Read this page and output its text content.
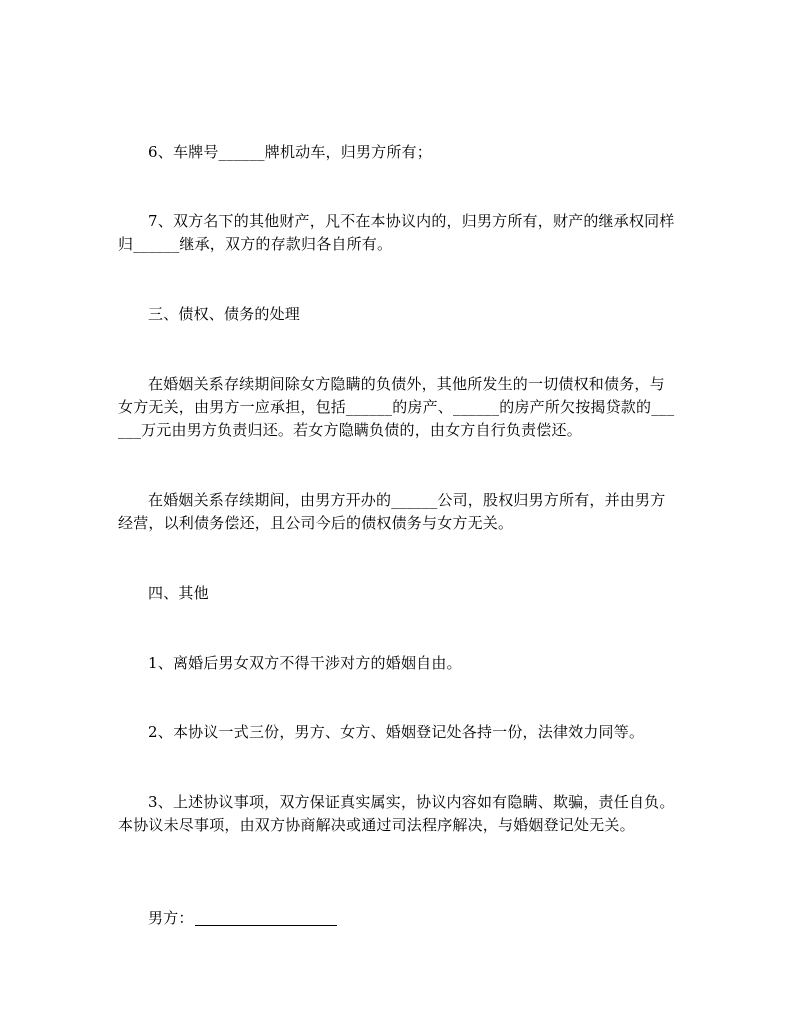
6、车牌号______牌机动车，归男方所有；

7、双方名下的其他财产，凡不在本协议内的，归男方所有，财产的继承权同样归______继承，双方的存款归各自所有。

三、债权、债务的处理

在婚姻关系存续期间除女方隐瞒的负债外，其他所发生的一切债权和债务，与女方无关，由男方一应承担，包括______的房产、______的房产所欠按揭贷款的______万元由男方负责归还。若女方隐瞒负债的，由女方自行负责偿还。

在婚姻关系存续期间，由男方开办的______公司，股权归男方所有，并由男方经营，以利债务偿还，且公司今后的债权债务与女方无关。

四、其他

1、离婚后男女双方不得干涉对方的婚姻自由。

2、本协议一式三份，男方、女方、婚姻登记处各持一份，法律效力同等。

3、上述协议事项，双方保证真实属实，协议内容如有隐瞒、欺骗，责任自负。本协议未尽事项，由双方协商解决或通过司法程序解决，与婚姻登记处无关。

男方：
